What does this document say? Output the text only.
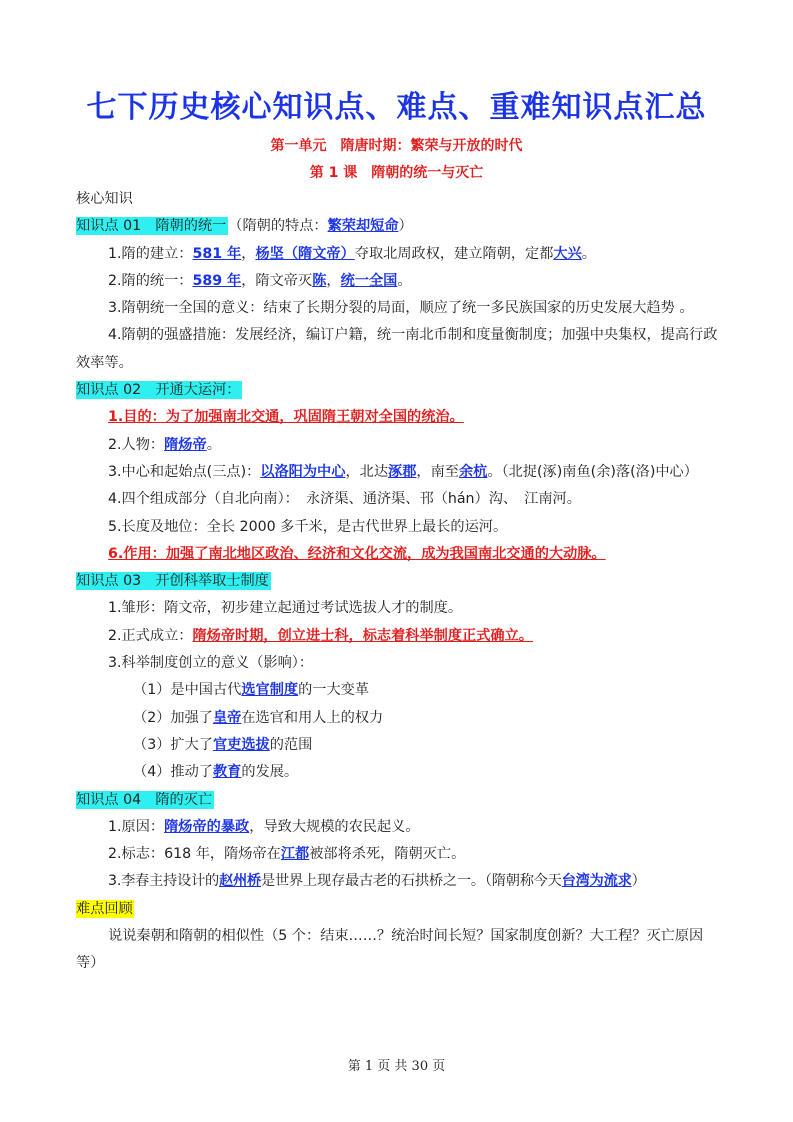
七下历史核心知识点、难点、重难知识点汇总

第一单元　隋唐时期：繁荣与开放的时代

第 1 课　隋朝的统一与灭亡

核心知识

知识点 01　隋朝的统一 （隋朝的特点：繁荣却短命）

1.隋的建立：581 年，杨坚（隋文帝）夺取北周政权，建立隋朝，定都大兴。

2.隋的统一：589 年，隋文帝灭陈，统一全国。

3.隋朝统一全国的意义：结束了长期分裂的局面，顺应了统一多民族国家的历史发展大趋势 。

4.隋朝的强盛措施：发展经济，编订户籍，统一南北币制和度量衡制度；加强中央集权，提高行政效率等。

知识点 02　开通大运河：

1.目的：为了加强南北交通，巩固隋王朝对全国的统治。

2.人物：隋炀帝。

3.中心和起始点(三点)：以洛阳为中心，北达涿郡，南至余杭。（北捉(涿)南鱼(余)落(洛)中心）

4.四个组成部分（自北向南）：　永济渠、通济渠、邗（hán）沟、　江南河。

5.长度及地位：全长 2000 多千米，是古代世界上最长的运河。

6.作用：加强了南北地区政治、经济和文化交流，成为我国南北交通的大动脉。

知识点 03　开创科举取士制度

1.雏形：隋文帝，初步建立起通过考试选拔人才的制度。

2.正式成立：隋炀帝时期，创立进士科，标志着科举制度正式确立。

3.科举制度创立的意义（影响）：

（1）是中国古代选官制度的一大变革

（2）加强了皇帝在选官和用人上的权力

（3）扩大了官吏选拔的范围

（4）推动了教育的发展。

知识点 04　隋的灭亡

1.原因：隋炀帝的暴政，导致大规模的农民起义。

2.标志：618 年，隋炀帝在江都被部将杀死，隋朝灭亡。

3.李春主持设计的赵州桥是世界上现存最古老的石拱桥之一。（隋朝称今天台湾为流求）

难点回顾

说说秦朝和隋朝的相似性（5 个：结束……？统治时间长短？国家制度创新？大工程？灭亡原因等）

第 1 页 共 30 页
